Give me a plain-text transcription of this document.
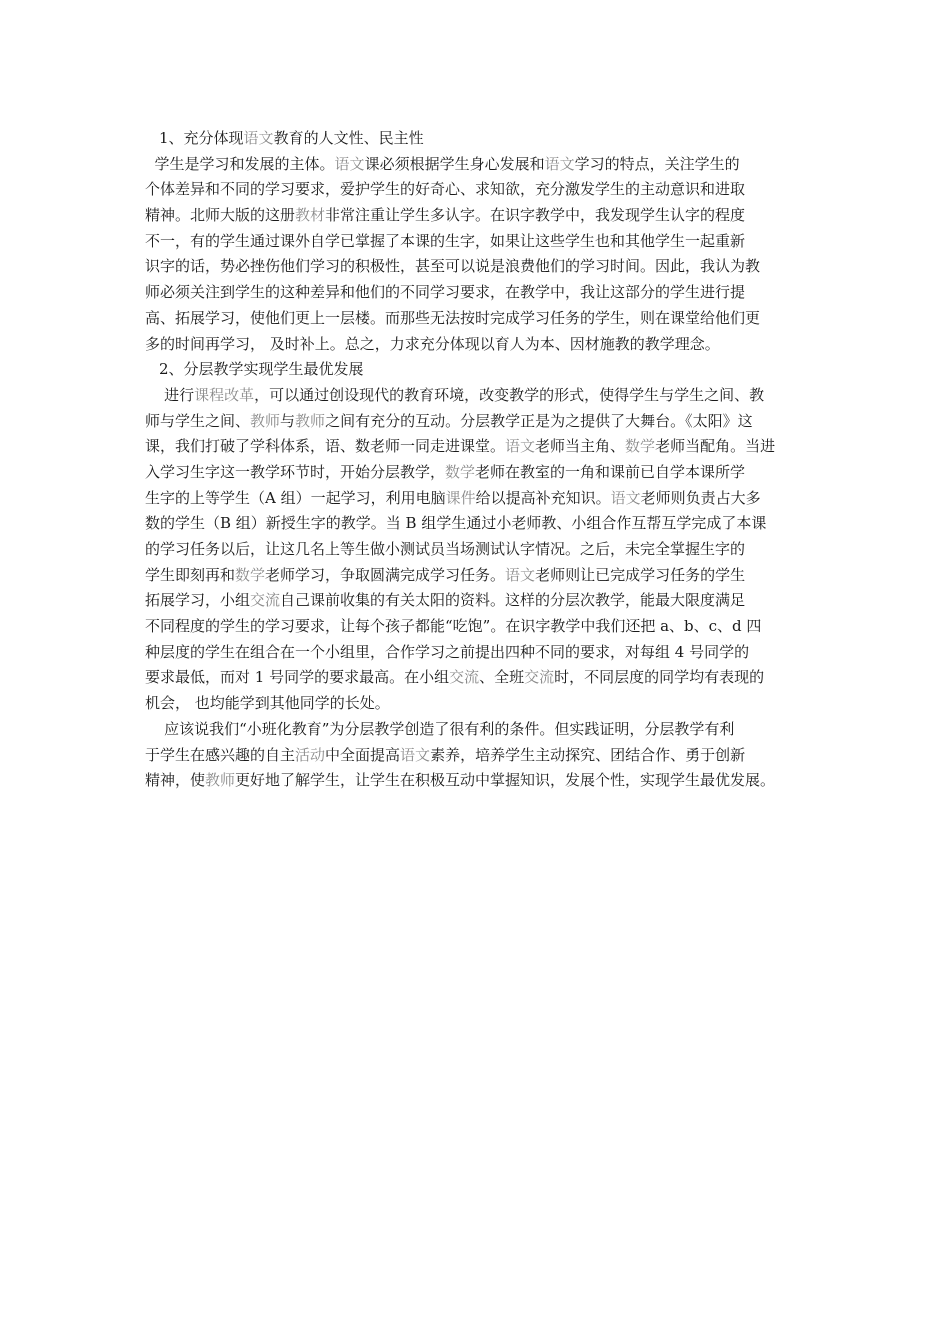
1、充分体现语文教育的人文性、民主性
学生是学习和发展的主体。语文课必须根据学生身心发展和语文学习的特点，关注学生的
个体差异和不同的学习要求，爱护学生的好奇心、求知欲，充分激发学生的主动意识和进取
精神。北师大版的这册教材非常注重让学生多认字。在识字教学中，我发现学生认字的程度
不一，有的学生通过课外自学已掌握了本课的生字，如果让这些学生也和其他学生一起重新
识字的话，势必挫伤他们学习的积极性，甚至可以说是浪费他们的学习时间。因此，我认为教
师必须关注到学生的这种差异和他们的不同学习要求，在教学中，我让这部分的学生进行提
高、拓展学习，使他们更上一层楼。而那些无法按时完成学习任务的学生，则在课堂给他们更
多的时间再学习， 及时补上。总之，力求充分体现以育人为本、因材施教的教学理念。
2、分层教学实现学生最优发展
进行课程改革，可以通过创设现代的教育环境，改变教学的形式，使得学生与学生之间、教
师与学生之间、教师与教师之间有充分的互动。分层教学正是为之提供了大舞台。《太阳》这
课，我们打破了学科体系，语、数老师一同走进课堂。语文老师当主角、数学老师当配角。当进
入学习生字这一教学环节时，开始分层教学，数学老师在教室的一角和课前已自学本课所学
生字的上等学生（A 组）一起学习，利用电脑课件给以提高补充知识。语文老师则负责占大多
数的学生（B 组）新授生字的教学。当 B 组学生通过小老师教、小组合作互帮互学完成了本课
的学习任务以后，让这几名上等生做小测试员当场测试认字情况。之后，未完全掌握生字的
学生即刻再和数学老师学习，争取圆满完成学习任务。语文老师则让已完成学习任务的学生
拓展学习，小组交流自己课前收集的有关太阳的资料。这样的分层次教学，能最大限度满足
不同程度的学生的学习要求，让每个孩子都能“吃饱”。在识字教学中我们还把 a、b、c、d 四
种层度的学生在组合在一个小组里，合作学习之前提出四种不同的要求，对每组 4 号同学的
要求最低，而对 1 号同学的要求最高。在小组交流、全班交流时，不同层度的同学均有表现的
机会， 也均能学到其他同学的长处。
应该说我们“小班化教育”为分层教学创造了很有利的条件。但实践证明，分层教学有利
于学生在感兴趣的自主活动中全面提高语文素养，培养学生主动探究、团结合作、勇于创新
精神，使教师更好地了解学生，让学生在积极互动中掌握知识，发展个性，实现学生最优发展。
